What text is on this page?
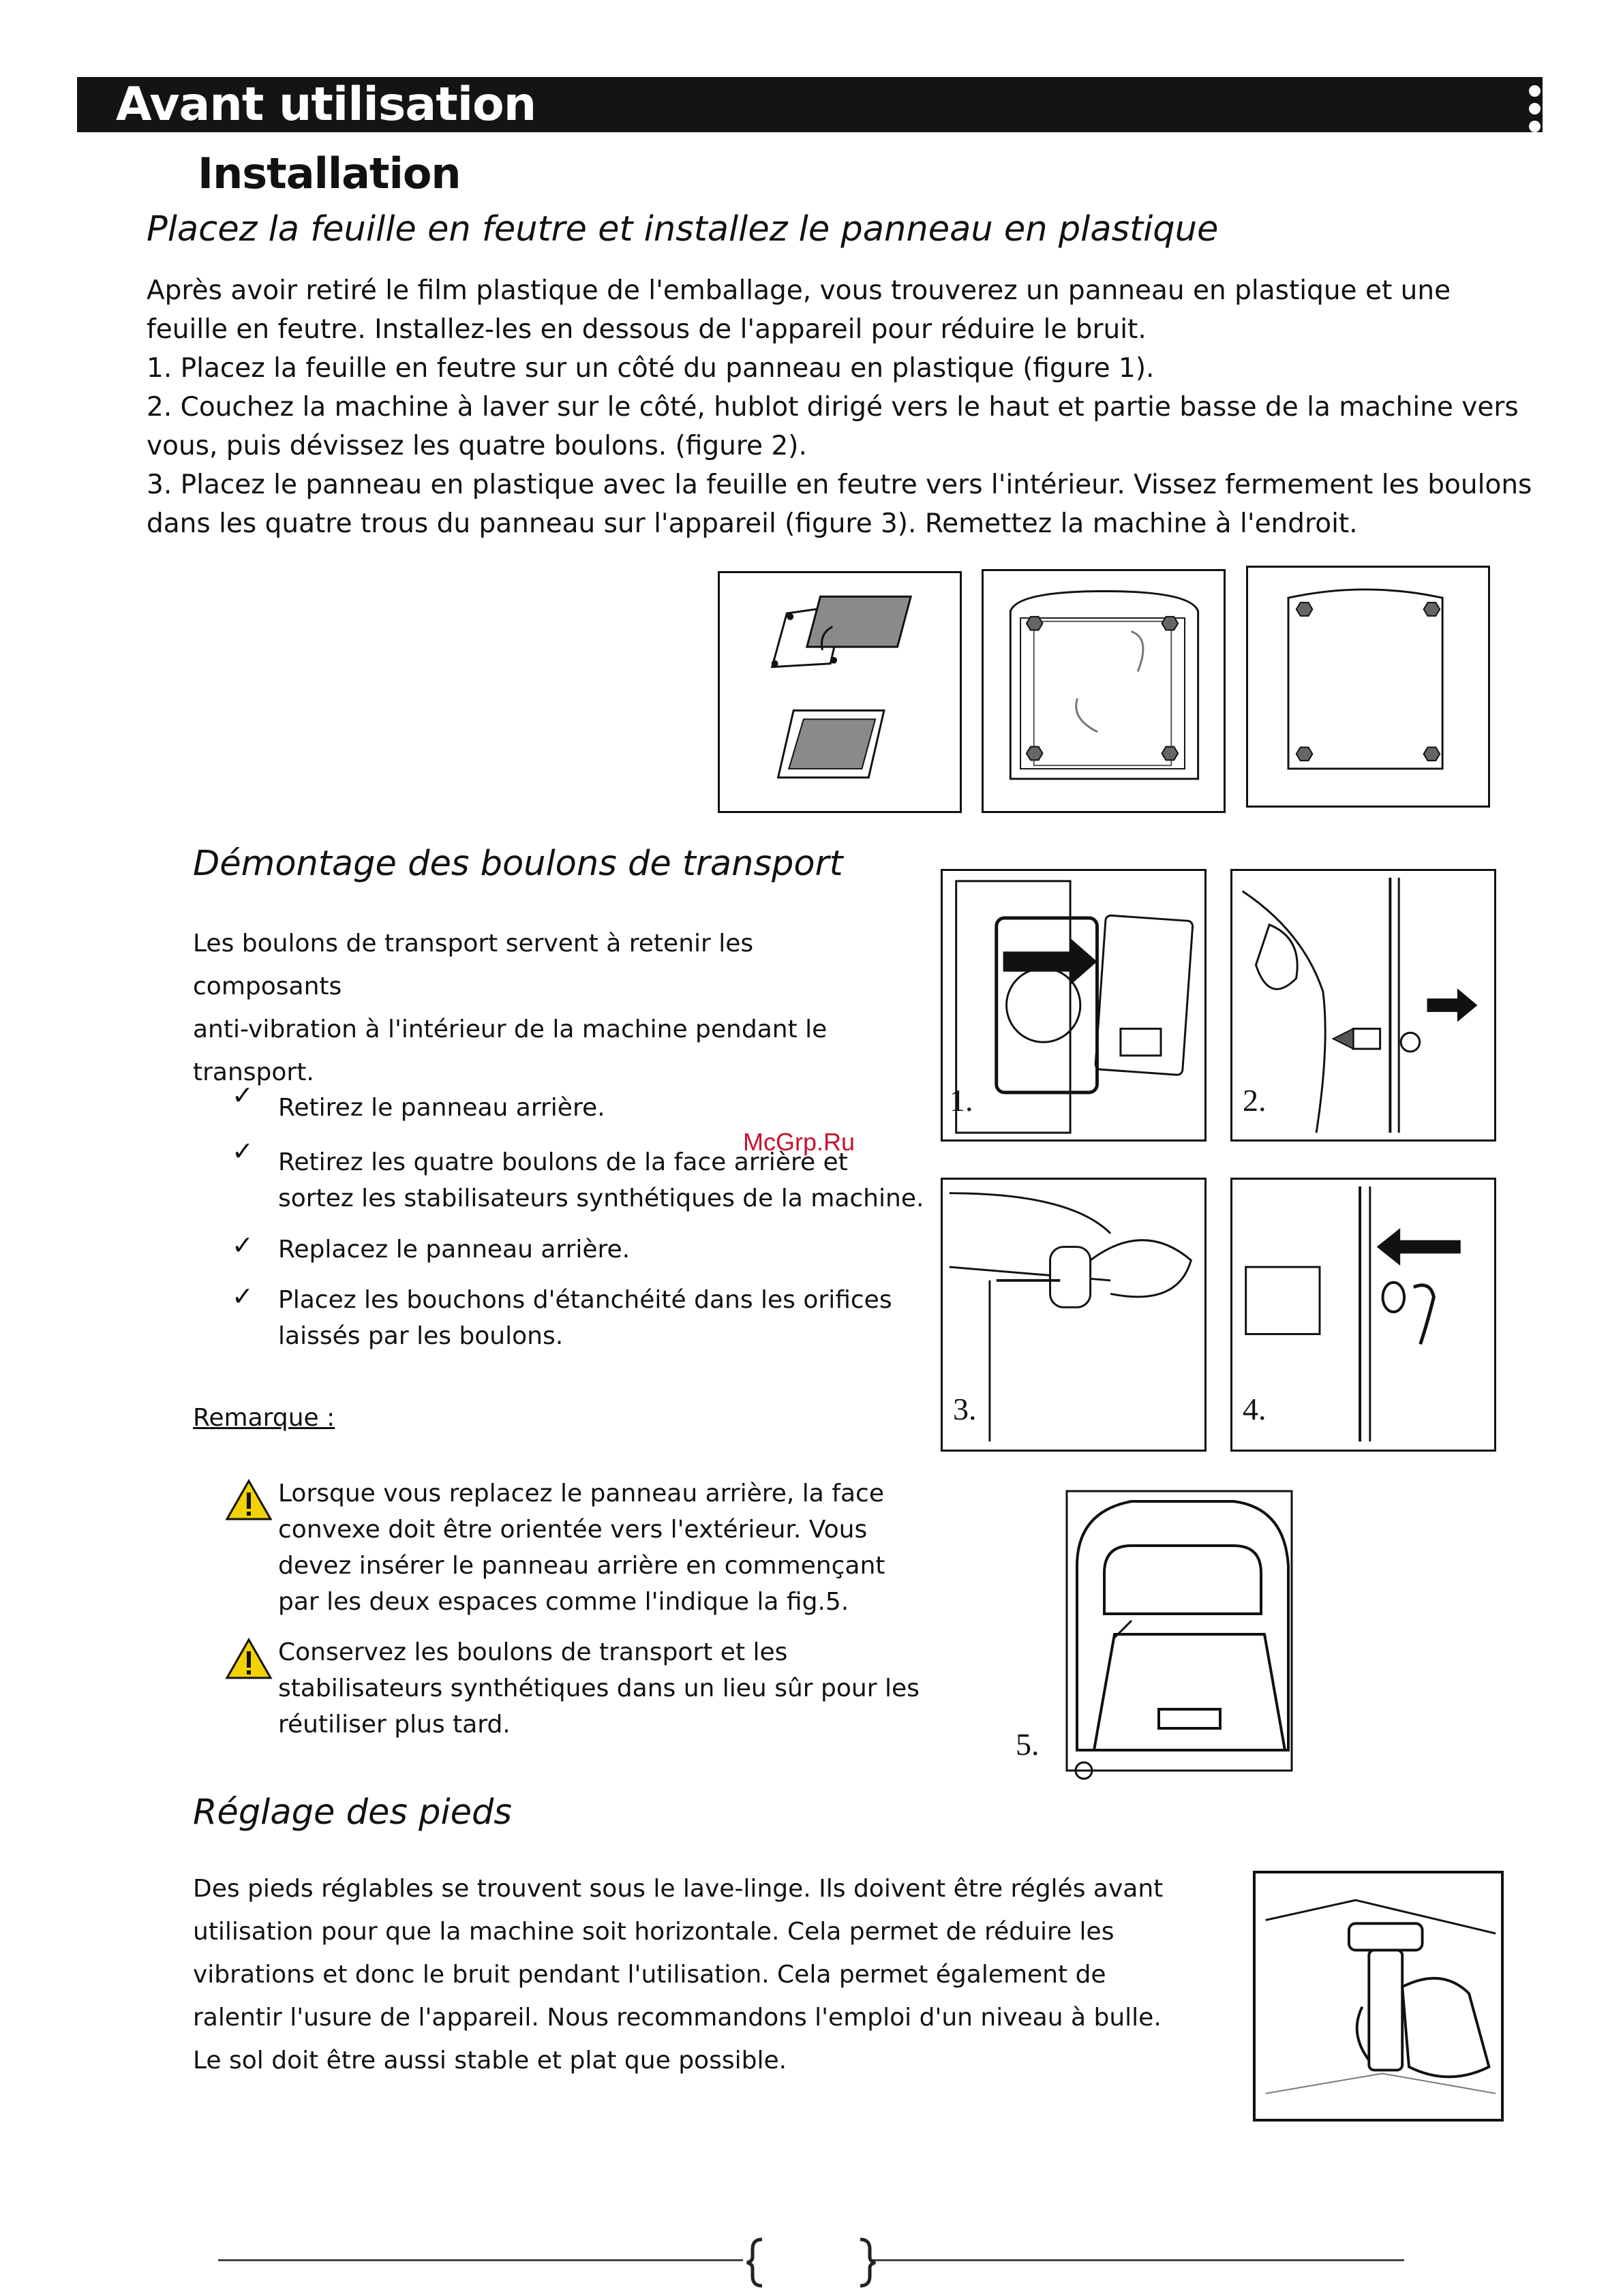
Avant utilisation
Installation
Placez la feuille en feutre et installez le panneau en plastique

Après avoir retiré le film plastique de l'emballage, vous trouverez un panneau en plastique et une

feuille en feutre. Installez-les en dessous de l'appareil pour réduire le bruit.

1. Placez la feuille en feutre sur un côté du panneau en plastique (figure 1).

2. Couchez la machine à laver sur le côté, hublot dirigé vers le haut et partie basse de la machine vers

vous, puis dévissez les quatre boulons. (figure 2).

3. Placez le panneau en plastique avec la feuille en feutre vers l'intérieur. Vissez fermement les boulons

dans les quatre trous du panneau sur l'appareil (figure 3). Remettez la machine à l'endroit.

Démontage des boulons de transport

Les boulons de transport servent à retenir les composants

anti-vibration à l'intérieur de la machine pendant le

transport.

✓ Retirez le panneau arrière.
✓ Retirez les quatre boulons de la face arrière et
sortez les stabilisateurs synthétiques de la machine.
✓ Replacez le panneau arrière.
✓ Placez les bouchons d'étanchéité dans les orifices
laissés par les boulons.
Remarque :
Lorsque vous replacez le panneau arrière, la face
convexe doit être orientée vers l'extérieur. Vous
devez insérer le panneau arrière en commençant
par les deux espaces comme l'indique la fig.5.
Conservez les boulons de transport et les
stabilisateurs synthétiques dans un lieu sûr pour les
réutiliser plus tard.
1.	2.
3.	4.
5.
McGrp.Ru
Réglage des pieds

Des pieds réglables se trouvent sous le lave-linge. Ils doivent être réglés avant

utilisation pour que la machine soit horizontale. Cela permet de réduire les

vibrations et donc le bruit pendant l'utilisation. Cela permet également de

ralentir l'usure de l'appareil. Nous recommandons l'emploi d'un niveau à bulle.

Le sol doit être aussi stable et plat que possible.
